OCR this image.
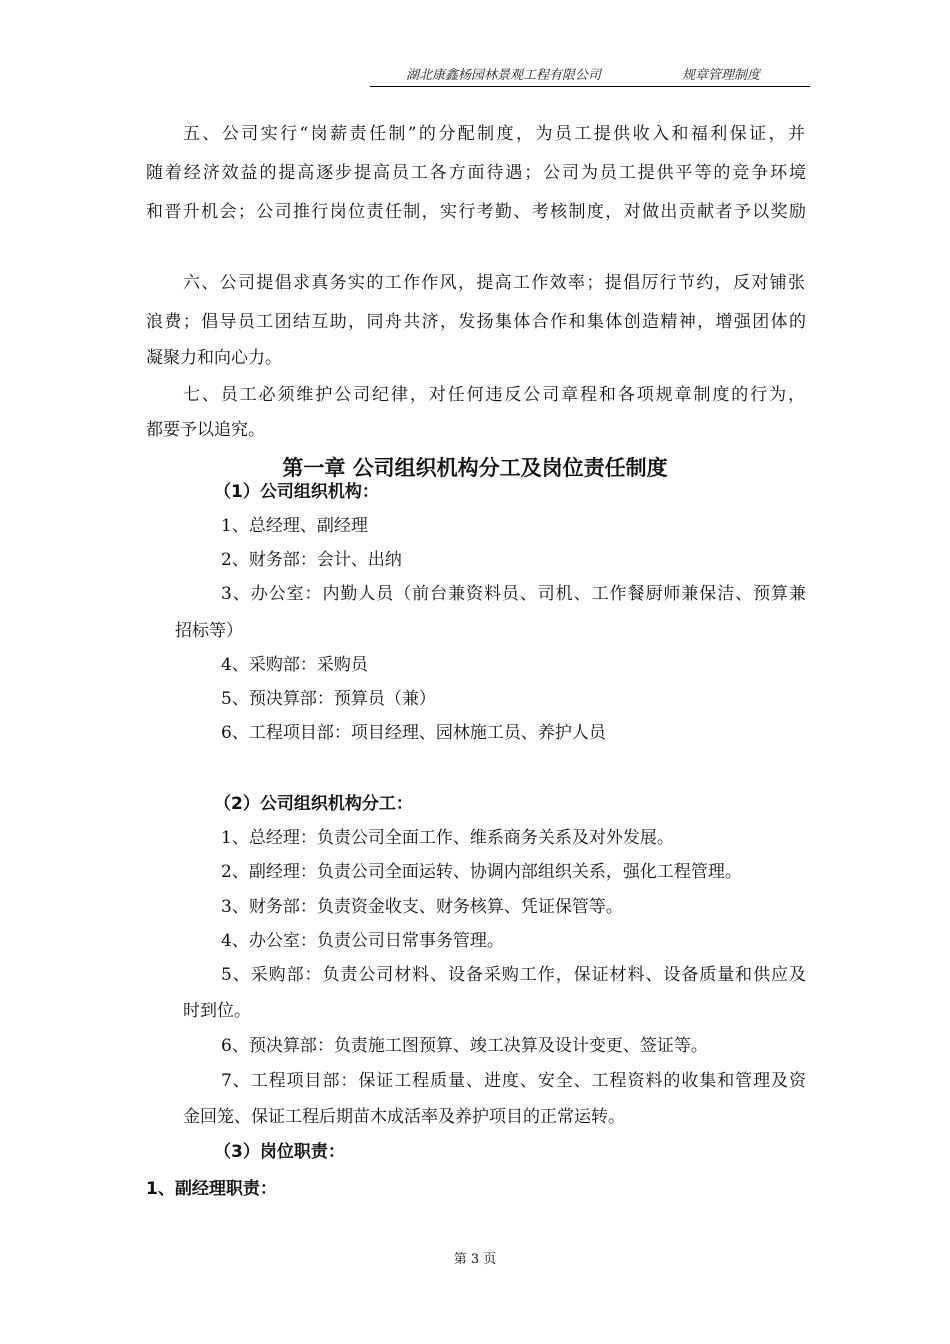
湖北康鑫杨园林景观工程有限公司	规章管理制度
五、公司实行“岗薪责任制”的分配制度，为员工提供收入和福利保证，并
随着经济效益的提高逐步提高员工各方面待遇；公司为员工提供平等的竞争环境
和晋升机会；公司推行岗位责任制，实行考勤、考核制度，对做出贡献者予以奖励
六、公司提倡求真务实的工作作风，提高工作效率；提倡厉行节约，反对铺张
浪费；倡导员工团结互助，同舟共济，发扬集体合作和集体创造精神，增强团体的
凝聚力和向心力。
七、员工必须维护公司纪律，对任何违反公司章程和各项规章制度的行为，
都要予以追究。
第一章 公司组织机构分工及岗位责任制度
（1）公司组织机构：
1、总经理、副经理
2、财务部：会计、出纳
3、办公室：内勤人员（前台兼资料员、司机、工作餐厨师兼保洁、预算兼
招标等）
4、采购部：采购员
5、预决算部：预算员（兼）
6、工程项目部：项目经理、园林施工员、养护人员
（2）公司组织机构分工：
1、总经理：负责公司全面工作、维系商务关系及对外发展。
2、副经理：负责公司全面运转、协调内部组织关系，强化工程管理。
3、财务部：负责资金收支、财务核算、凭证保管等。
4、办公室：负责公司日常事务管理。
5、采购部：负责公司材料、设备采购工作，保证材料、设备质量和供应及
时到位。
6、预决算部：负责施工图预算、竣工决算及设计变更、签证等。
7、工程项目部：保证工程质量、进度、安全、工程资料的收集和管理及资
金回笼、保证工程后期苗木成活率及养护项目的正常运转。
（3）岗位职责：
1、副经理职责：
第 3 页
